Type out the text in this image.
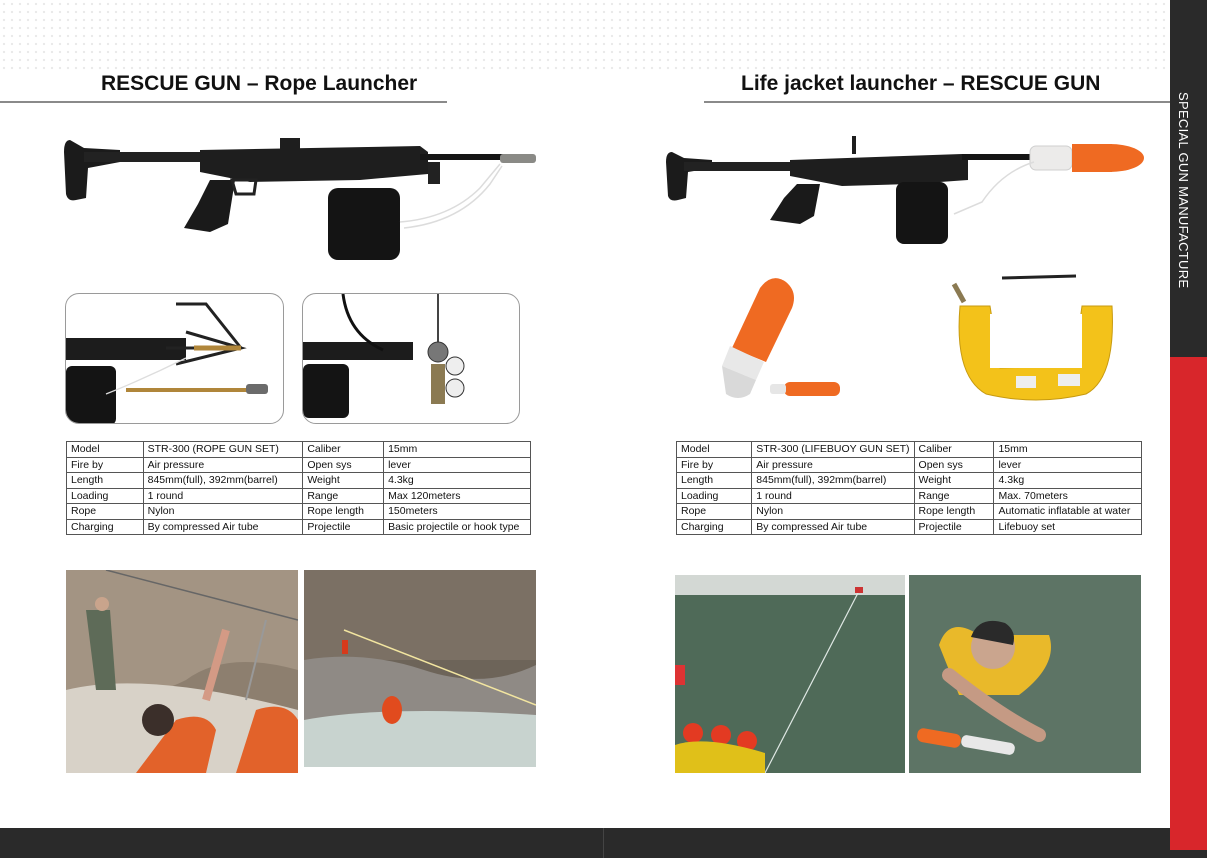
RESCUE GUN – Rope Launcher	Life jacket launcher – RESCUE GUN
SPECIAL GUN MANUFACTURE
Model	STR-300 (ROPE GUN SET)	Caliber	15mm
Fire by	Air pressure	Open sys	lever
Length	845mm(full), 392mm(barrel)	Weight	4.3kg
Loading	1 round	Range	Max 120meters
Rope	Nylon	Rope length	150meters
Charging	By compressed Air tube	Projectile	Basic projectile or hook type
Model	STR-300 (LIFEBUOY GUN SET)	Caliber	15mm
Fire by	Air pressure	Open sys	lever
Length	845mm(full), 392mm(barrel)	Weight	4.3kg
Loading	1 round	Range	Max. 70meters
Rope	Nylon	Rope length	Automatic inflatable at water
Charging	By compressed Air tube	Projectile	Lifebuoy set
